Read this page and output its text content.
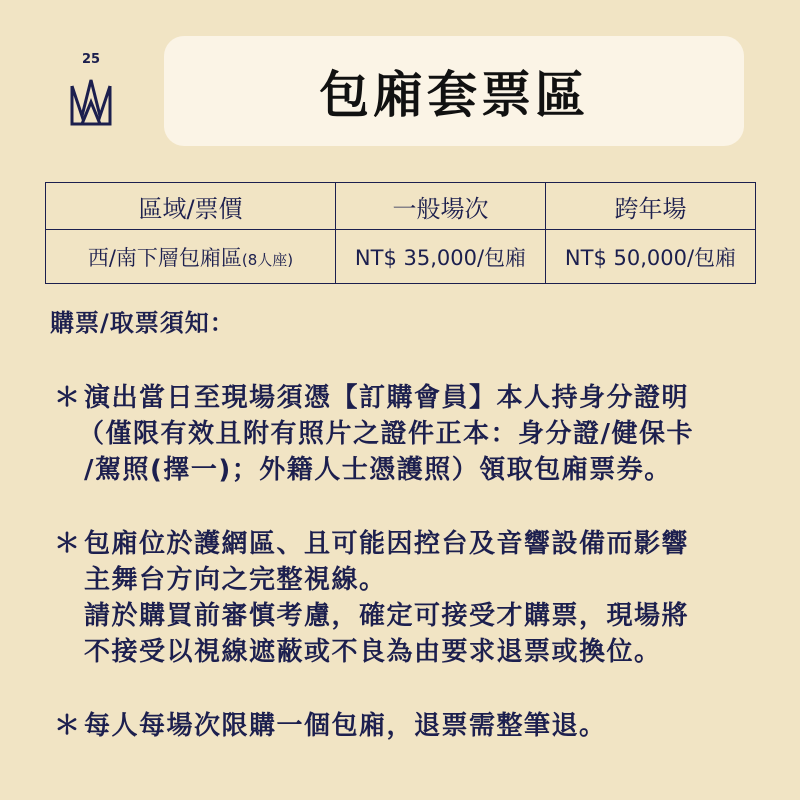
25
包廂套票區
區域/票價	一般場次	跨年場
西/南下層包廂區(8人座)	NT$ 35,000/包廂	NT$ 50,000/包廂
購票/取票須知：
＊ 演出當日至現場須憑【訂購會員】本人持身分證明
（僅限有效且附有照片之證件正本：身分證/健保卡
/駕照(擇一)；外籍人士憑護照）領取包廂票券。
＊ 包廂位於護網區、且可能因控台及音響設備而影響
主舞台方向之完整視線。
請於購買前審慎考慮，確定可接受才購票，現場將
不接受以視線遮蔽或不良為由要求退票或換位。
＊ 每人每場次限購一個包廂，退票需整筆退。
